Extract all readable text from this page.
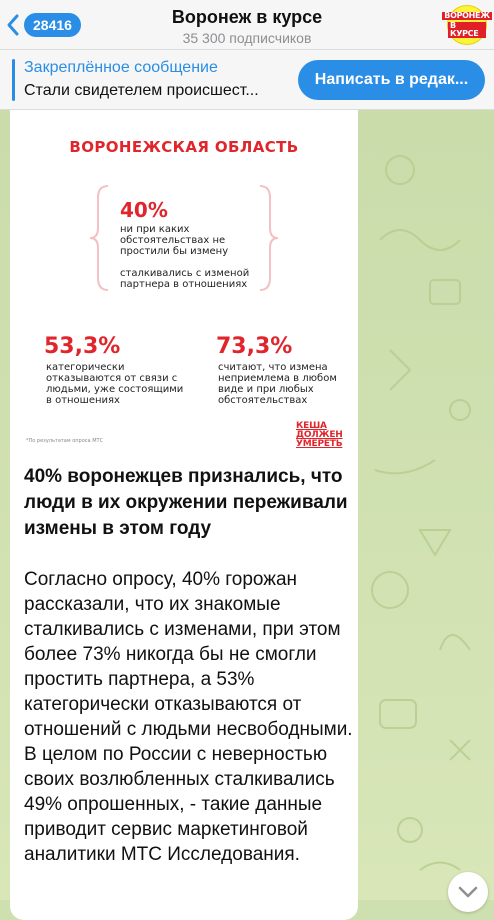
28416	Воронеж в курсе
35 300 подписчиков
ВОРОНЕЖ
В КУРСЕ
Закреплённое сообщение
Стали свидетелем происшест...
Написать в редак...
ВОРОНЕЖСКАЯ ОБЛАСТЬ
40%
ни при каких обстоятельствах не простили бы измену
сталкивались с изменой партнера в отношениях
53,3%
категорически отказываются от связи с людьми, уже состоящими в отношениях
73,3%
считают, что измена неприемлема в любом виде и при любых обстоятельствах
*По результатам опроса МТС
КЕША
ДОЛЖЕН
УМЕРЕТЬ
40% воронежцев признались, что люди в их окружении переживали измены в этом году
Согласно опросу, 40% горожан рассказали, что их знакомые сталкивались с изменами, при этом более 73% никогда бы не смогли простить партнера, а 53% категорически отказываются от отношений с людьми несвободными. В целом по России с неверностью своих возлюбленных сталкивались 49% опрошенных, - такие данные приводит сервис маркетинговой аналитики МТС Исследования.
